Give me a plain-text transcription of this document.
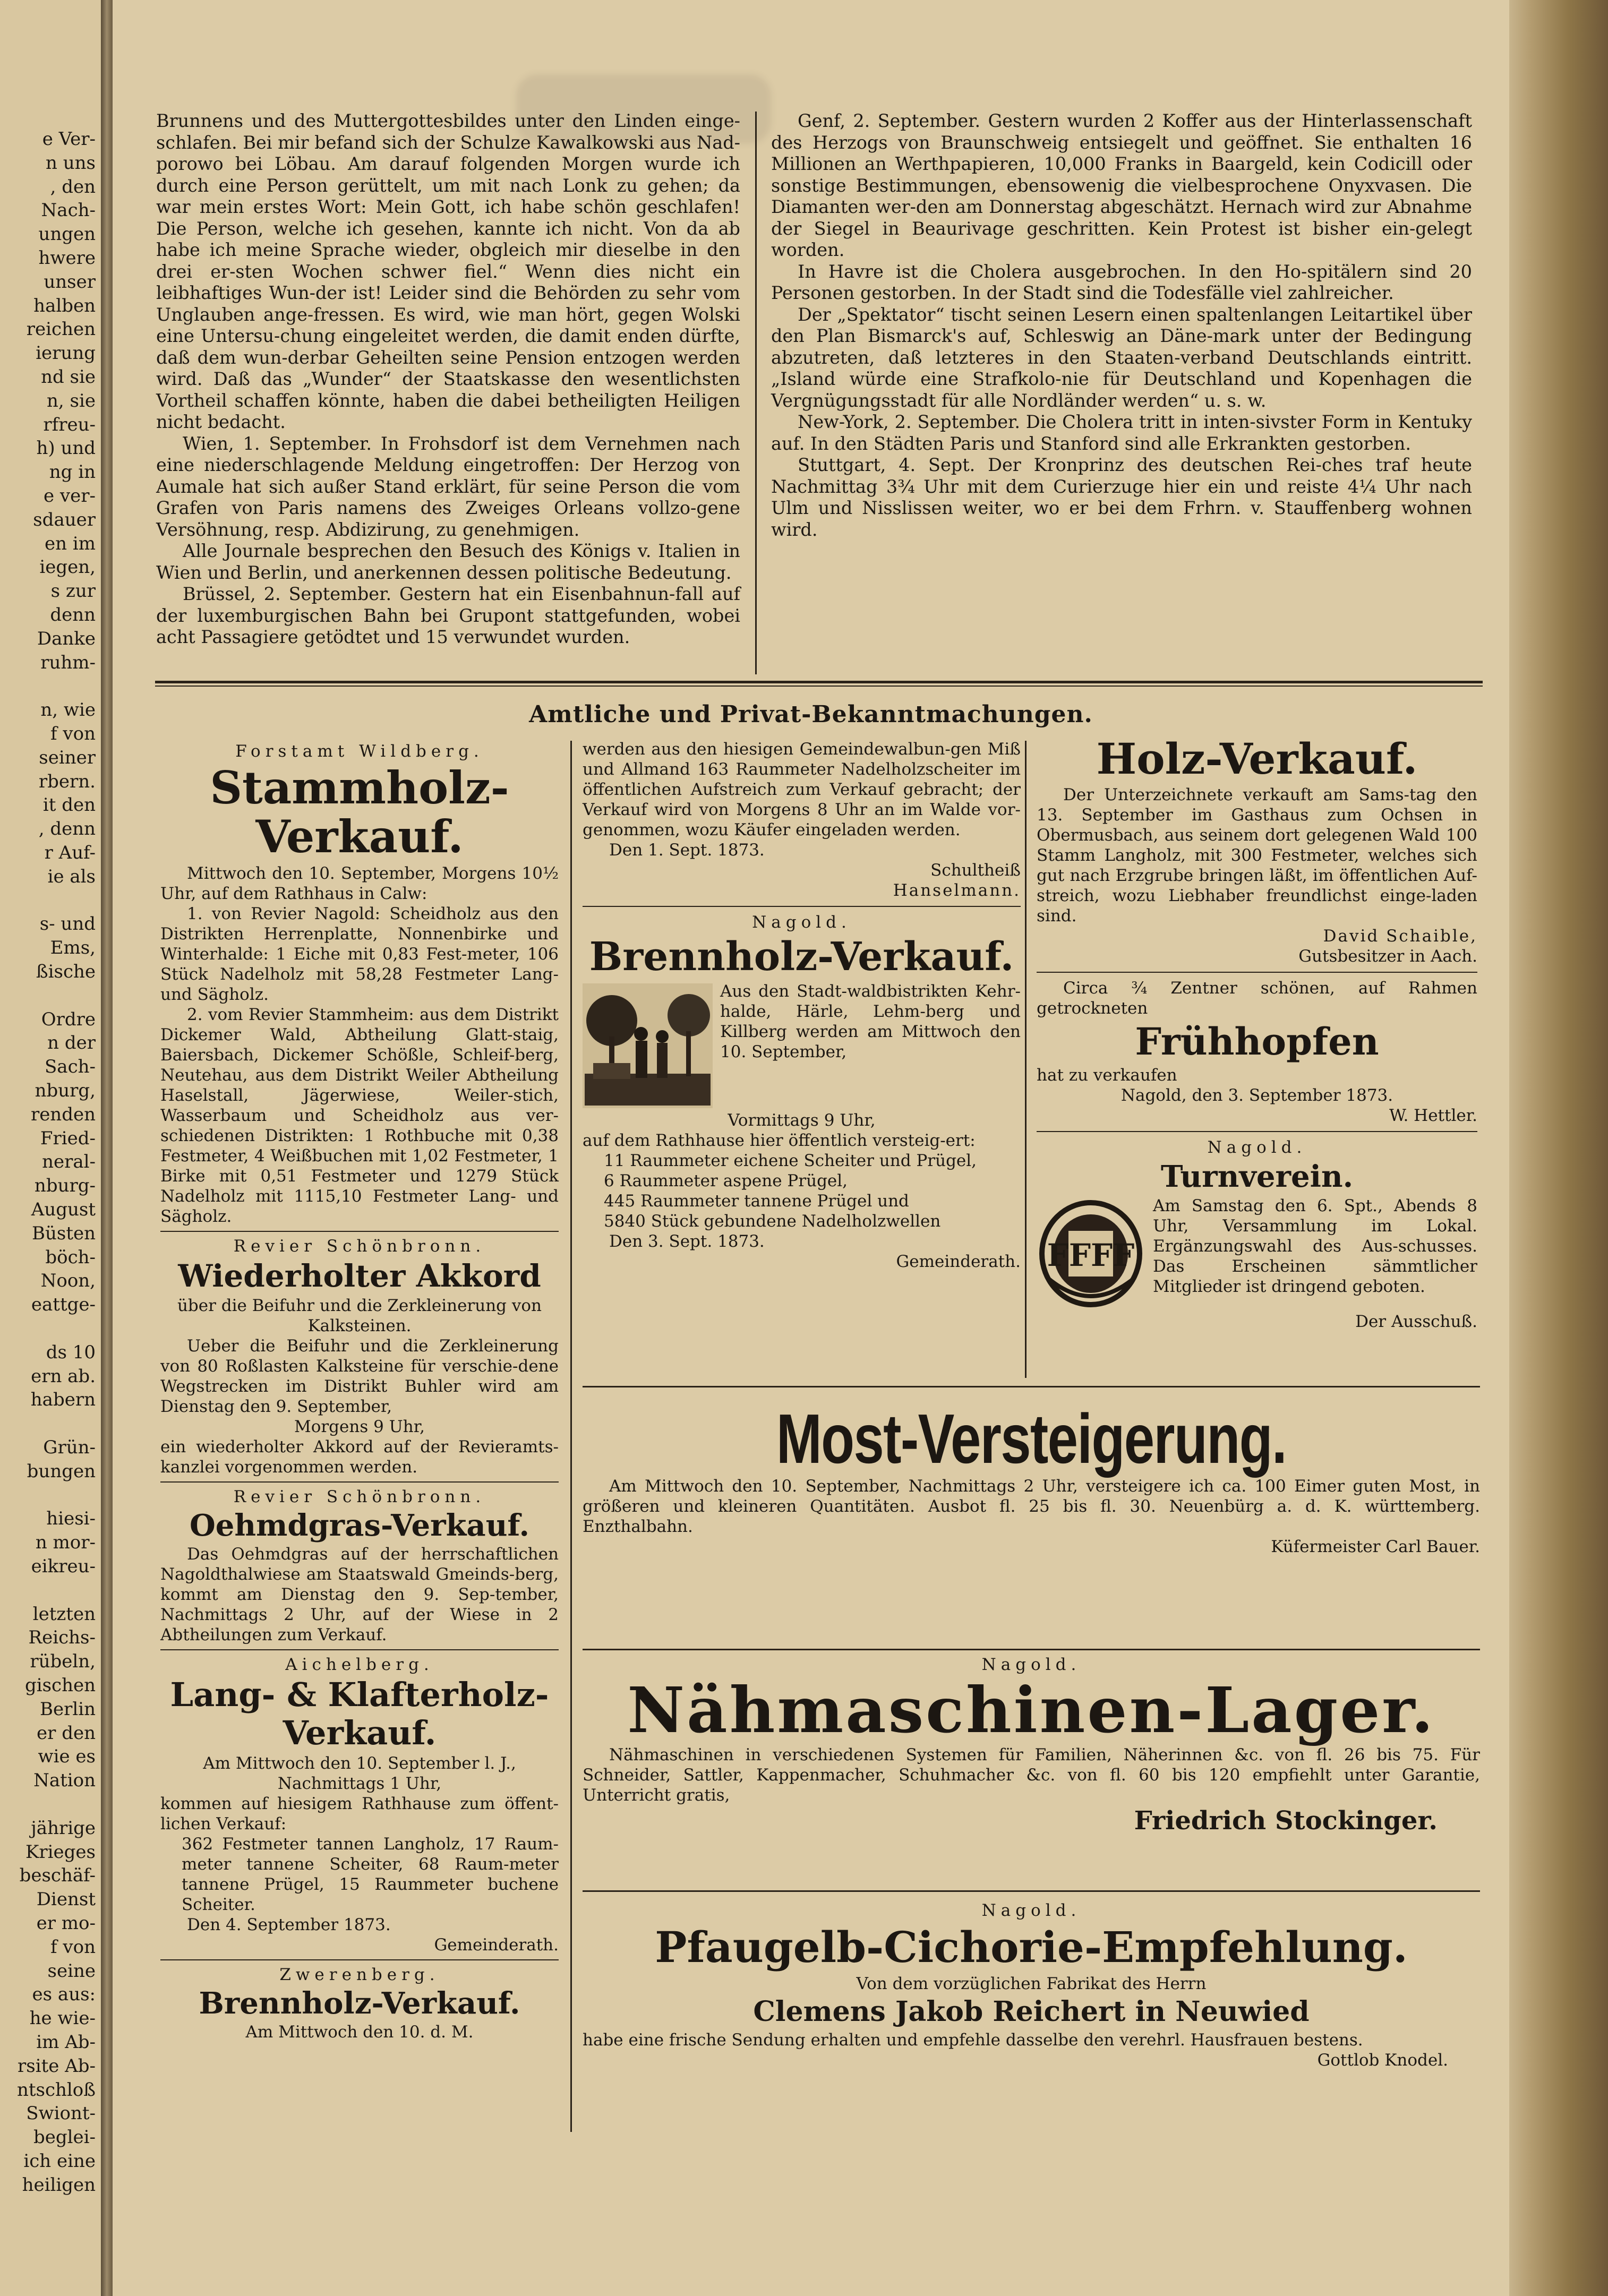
e Ver-
n uns
, den
Nach-
ungen
hwere
unser
halben
reichen
ierung
nd sie
n, sie
rfreu-
h) und
ng in
e ver-
sdauer
en im
iegen,
s zur
denn
Danke
ruhm-
n, wie
f von
seiner
rbern.
it den
, denn
r Auf-
ie als
s- und
Ems,
ßische
Ordre
n der
Sach-
nburg,
renden
Fried-
neral-
nburg-
August
Büsten
böch-
Noon,
eattge-
ds 10
ern ab.
habern
Grün-
bungen
hiesi-
n mor-
eikreu-
letzten
Reichs-
rübeln,
gischen
Berlin
er den
wie es
Nation
jährige
Krieges
beschäf-
Dienst
er mo-
f von
seine
es aus:
he wie-
im Ab-
rsite Ab-
ntschloß
Swiont-
beglei-
ich eine
heiligen

Brunnens und des Muttergottesbildes unter den Linden einge-schlafen. Bei mir befand sich der Schulze Kawalkowski aus Nad-porowo bei Löbau. Am darauf folgenden Morgen wurde ich durch eine Person gerüttelt, um mit nach Lonk zu gehen; da war mein erstes Wort: Mein Gott, ich habe schön geschlafen! Die Person, welche ich gesehen, kannte ich nicht. Von da ab habe ich meine Sprache wieder, obgleich mir dieselbe in den drei er-sten Wochen schwer fiel.“ Wenn dies nicht ein leibhaftiges Wun-der ist! Leider sind die Behörden zu sehr vom Unglauben ange-fressen. Es wird, wie man hört, gegen Wolski eine Untersu-chung eingeleitet werden, die damit enden dürfte, daß dem wun-derbar Geheilten seine Pension entzogen werden wird. Daß das „Wunder“ der Staatskasse den wesentlichsten Vortheil schaffen könnte, haben die dabei betheiligten Heiligen nicht bedacht.

Wien, 1. September. In Frohsdorf ist dem Vernehmen nach eine niederschlagende Meldung eingetroffen: Der Herzog von Aumale hat sich außer Stand erklärt, für seine Person die vom Grafen von Paris namens des Zweiges Orleans vollzo-gene Versöhnung, resp. Abdizirung, zu genehmigen.

Alle Journale besprechen den Besuch des Königs v. Italien in Wien und Berlin, und anerkennen dessen politische Bedeutung.

Brüssel, 2. September. Gestern hat ein Eisenbahnun-fall auf der luxemburgischen Bahn bei Grupont stattgefunden, wobei acht Passagiere getödtet und 15 verwundet wurden.

Genf, 2. September. Gestern wurden 2 Koffer aus der Hinterlassenschaft des Herzogs von Braunschweig entsiegelt und geöffnet. Sie enthalten 16 Millionen an Werthpapieren, 10,000 Franks in Baargeld, kein Codicill oder sonstige Bestimmungen, ebensowenig die vielbesprochene Onyxvasen. Die Diamanten wer-den am Donnerstag abgeschätzt. Hernach wird zur Abnahme der Siegel in Beaurivage geschritten. Kein Protest ist bisher ein-gelegt worden.

In Havre ist die Cholera ausgebrochen. In den Ho-spitälern sind 20 Personen gestorben. In der Stadt sind die Todesfälle viel zahlreicher.

Der „Spektator“ tischt seinen Lesern einen spaltenlangen Leitartikel über den Plan Bismarck's auf, Schleswig an Däne-mark unter der Bedingung abzutreten, daß letzteres in den Staaten-verband Deutschlands eintritt. „Island würde eine Strafkolo-nie für Deutschland und Kopenhagen die Vergnügungsstadt für alle Nordländer werden“ u. s. w.

New-York, 2. September. Die Cholera tritt in inten-sivster Form in Kentuky auf. In den Städten Paris und Stanford sind alle Erkrankten gestorben.

Stuttgart, 4. Sept. Der Kronprinz des deutschen Rei-ches traf heute Nachmittag 3¾ Uhr mit dem Curierzuge hier ein und reiste 4¼ Uhr nach Ulm und Nisslissen weiter, wo er bei dem Frhrn. v. Stauffenberg wohnen wird.

Amtliche und Privat-Bekanntmachungen.
Forstamt Wildberg.
Stammholz-Verkauf.

Mittwoch den 10. September, Morgens 10½ Uhr, auf dem Rathhaus in Calw:

1. von Revier Nagold: Scheidholz aus den Distrikten Herrenplatte, Nonnenbirke und Winterhalde: 1 Eiche mit 0,83 Fest-meter, 106 Stück Nadelholz mit 58,28 Festmeter Lang- und Sägholz.

2. vom Revier Stammheim: aus dem Distrikt Dickemer Wald, Abtheilung Glatt-staig, Baiersbach, Dickemer Schößle, Schleif-berg, Neutehau, aus dem Distrikt Weiler Abtheilung Haselstall, Jägerwiese, Weiler-stich, Wasserbaum und Scheidholz aus ver-schiedenen Distrikten: 1 Rothbuche mit 0,38 Festmeter, 4 Weißbuchen mit 1,02 Festmeter, 1 Birke mit 0,51 Festmeter und 1279 Stück Nadelholz mit 1115,10 Festmeter Lang- und Sägholz.

Revier Schönbronn.
Wiederholter Akkord

über die Beifuhr und die Zerkleinerung von Kalksteinen.

Ueber die Beifuhr und die Zerkleinerung von 80 Roßlasten Kalksteine für verschie-dene Wegstrecken im Distrikt Buhler wird am Dienstag den 9. September,

Morgens 9 Uhr,

ein wiederholter Akkord auf der Revieramts-kanzlei vorgenommen werden.

Revier Schönbronn.
Oehmdgras-Verkauf.

Das Oehmdgras auf der herrschaftlichen Nagoldthalwiese am Staatswald Gmeinds-berg, kommt am Dienstag den 9. Sep-tember, Nachmittags 2 Uhr, auf der Wiese in 2 Abtheilungen zum Verkauf.

Aichelberg.
Lang- & Klafterholz-
Verkauf.

Am Mittwoch den 10. September l. J.,

Nachmittags 1 Uhr,

kommen auf hiesigem Rathhause zum öffent-lichen Verkauf:

362 Festmeter tannen Langholz, 17 Raum-meter tannene Scheiter, 68 Raum-meter tannene Prügel, 15 Raummeter buchene Scheiter.

Den 4. September 1873.

Gemeinderath.

Zwerenberg.
Brennholz-Verkauf.

Am Mittwoch den 10. d. M.

werden aus den hiesigen Gemeindewalbun-gen Miß und Allmand 163 Raummeter Nadelholzscheiter im öffentlichen Aufstreich zum Verkauf gebracht; der Verkauf wird von Morgens 8 Uhr an im Walde vor-genommen, wozu Käufer eingeladen werden.

Den 1. Sept. 1873.

Schultheiß

Hanselmann.

Nagold.
Brennholz-Verkauf.

Aus den Stadt-waldbistrikten Kehr-halde, Härle, Lehm-berg und Killberg werden am Mittwoch den 10. September,

Vormittags 9 Uhr,

auf dem Rathhause hier öffentlich versteig-ert:

11 Raummeter eichene Scheiter und Prügel,

6 Raummeter aspene Prügel,

445 Raummeter tannene Prügel und

5840 Stück gebundene Nadelholzwellen

Den 3. Sept. 1873.

Gemeinderath.

Holz-Verkauf.

Der Unterzeichnete verkauft am Sams-tag den 13. September im Gasthaus zum Ochsen in Obermusbach, aus seinem dort gelegenen Wald 100 Stamm Langholz, mit 300 Festmeter, welches sich gut nach Erzgrube bringen läßt, im öffentlichen Auf-streich, wozu Liebhaber freundlichst einge-laden sind.

David Schaible,

Gutsbesitzer in Aach.

Circa ¾ Zentner schönen, auf Rahmen getrockneten

Frühhopfen

hat zu verkaufen

Nagold, den 3. September 1873.

W. Hettler.

Nagold.
Turnverein.
FFFF

Am Samstag den 6. Spt., Abends 8 Uhr, Versammlung im Lokal. Ergänzungswahl des Aus-schusses. Das Erscheinen sämmtlicher Mitglieder ist dringend geboten.

Der Ausschuß.

Most-Versteigerung.

Am Mittwoch den 10. September, Nachmittags 2 Uhr, versteigere ich ca. 100 Eimer guten Most, in größeren und kleineren Quantitäten. Ausbot fl. 25 bis fl. 30. Neuenbürg a. d. K. württemberg. Enzthalbahn.

Küfermeister Carl Bauer.

Nagold.
Nähmaschinen-Lager.

Nähmaschinen in verschiedenen Systemen für Familien, Näherinnen &c. von fl. 26 bis 75. Für Schneider, Sattler, Kappenmacher, Schuhmacher &c. von fl. 60 bis 120 empfiehlt unter Garantie, Unterricht gratis,

Friedrich Stockinger.

Nagold.
Pfaugelb-Cichorie-Empfehlung.

Von dem vorzüglichen Fabrikat des Herrn

Clemens Jakob Reichert in Neuwied

habe eine frische Sendung erhalten und empfehle dasselbe den verehrl. Hausfrauen bestens.

Gottlob Knodel.
